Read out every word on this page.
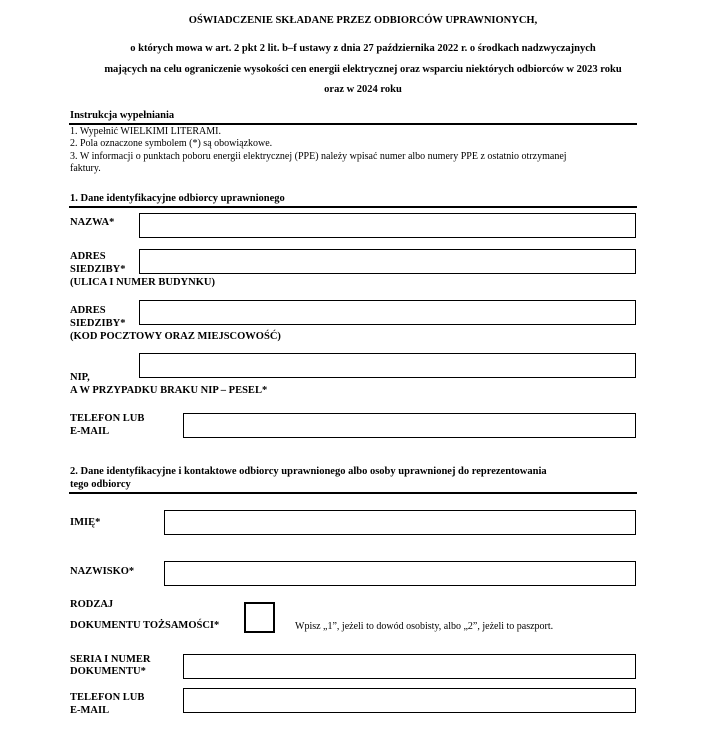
OŚWIADCZENIE SKŁADANE PRZEZ ODBIORCÓW UPRAWNIONYCH,
o których mowa w art. 2 pkt 2 lit. b–f ustawy z dnia 27 października 2022 r. o środkach nadzwyczajnych
mających na celu ograniczenie wysokości cen energii elektrycznej oraz wsparciu niektórych odbiorców w 2023 roku
oraz w 2024 roku
Instrukcja wypełniania
1. Wypełnić WIELKIMI LITERAMI.
2. Pola oznaczone symbolem (*) są obowiązkowe.
3. W informacji o punktach poboru energii elektrycznej (PPE) należy wpisać numer albo numery PPE z ostatnio otrzymanej
faktury.
1. Dane identyfikacyjne odbiorcy uprawnionego
NAZWA*
ADRES
SIEDZIBY*
(ULICA I NUMER BUDYNKU)
ADRES
SIEDZIBY*
(KOD POCZTOWY ORAZ MIEJSCOWOŚĆ)
NIP,
A W PRZYPADKU BRAKU NIP – PESEL*
TELEFON LUB
E-MAIL
2. Dane identyfikacyjne i kontaktowe odbiorcy uprawnionego albo osoby uprawnionej do reprezentowania
tego odbiorcy
IMIĘ*
NAZWISKO*
RODZAJ
DOKUMENTU TOŻSAMOŚCI*	Wpisz „1”, jeżeli to dowód osobisty, albo „2”, jeżeli to paszport.
SERIA I NUMER
DOKUMENTU*
TELEFON LUB
E-MAIL
